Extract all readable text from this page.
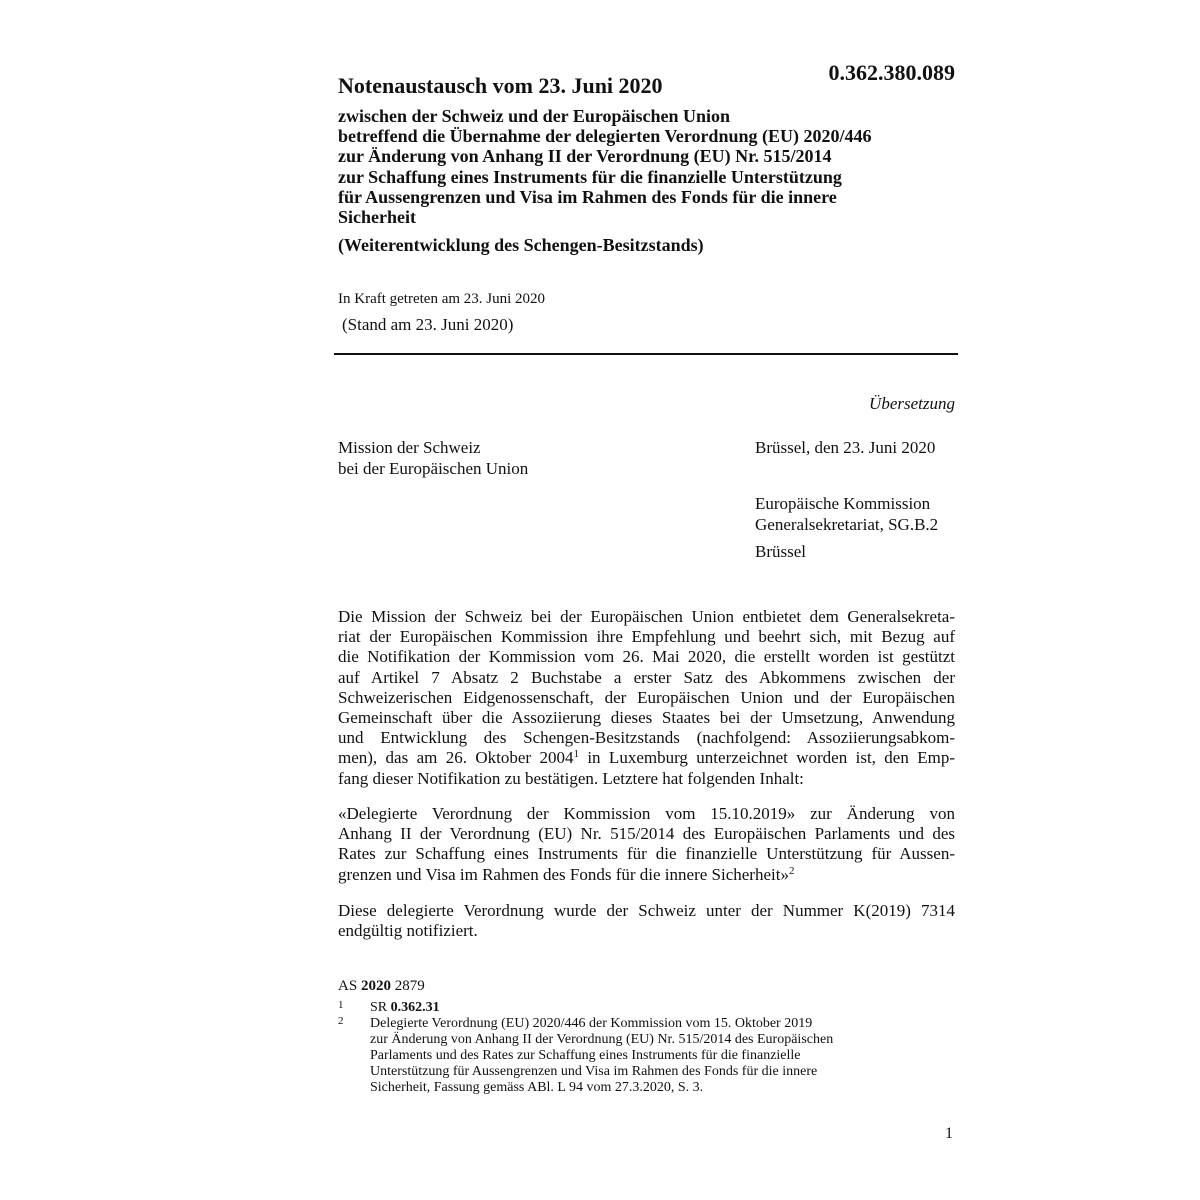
0.362.380.089
Notenaustausch vom 23. Juni 2020
zwischen der Schweiz und der Europäischen Union
betreffend die Übernahme der delegierten Verordnung (EU) 2020/446
zur Änderung von Anhang II der Verordnung (EU) Nr. 515/2014
zur Schaffung eines Instruments für die finanzielle Unterstützung
für Aussengrenzen und Visa im Rahmen des Fonds für die innere
Sicherheit
(Weiterentwicklung des Schengen-Besitzstands)
In Kraft getreten am 23. Juni 2020
(Stand am 23. Juni 2020)
Übersetzung
Mission der Schweiz
bei der Europäischen Union
Brüssel, den 23. Juni 2020
Europäische Kommission
Generalsekretariat, SG.B.2
Brüssel
Die Mission der Schweiz bei der Europäischen Union entbietet dem Generalsekreta-
riat der Europäischen Kommission ihre Empfehlung und beehrt sich, mit Bezug auf
die Notifikation der Kommission vom 26. Mai 2020, die erstellt worden ist gestützt
auf Artikel 7 Absatz 2 Buchstabe a erster Satz des Abkommens zwischen der
Schweizerischen Eidgenossenschaft, der Europäischen Union und der Europäischen
Gemeinschaft über die Assoziierung dieses Staates bei der Umsetzung, Anwendung
und Entwicklung des Schengen-Besitzstands (nachfolgend: Assoziierungsabkom-
men), das am 26. Oktober 2004$^1$ in Luxemburg unterzeichnet worden ist, den Emp-
fang dieser Notifikation zu bestätigen. Letztere hat folgenden Inhalt:
«Delegierte Verordnung der Kommission vom 15.10.2019» zur Änderung von
Anhang II der Verordnung (EU) Nr. 515/2014 des Europäischen Parlaments und des
Rates zur Schaffung eines Instruments für die finanzielle Unterstützung für Aussen-
grenzen und Visa im Rahmen des Fonds für die innere Sicherheit»$^2$
Diese delegierte Verordnung wurde der Schweiz unter der Nummer K(2019) 7314
endgültig notifiziert.
AS 2020 2879
1 SR 0.362.31
2 Delegierte Verordnung (EU) 2020/446 der Kommission vom 15. Oktober 2019
zur Änderung von Anhang II der Verordnung (EU) Nr. 515/2014 des Europäischen
Parlaments und des Rates zur Schaffung eines Instruments für die finanzielle
Unterstützung für Aussengrenzen und Visa im Rahmen des Fonds für die innere
Sicherheit, Fassung gemäss ABl. L 94 vom 27.3.2020, S. 3.
1
